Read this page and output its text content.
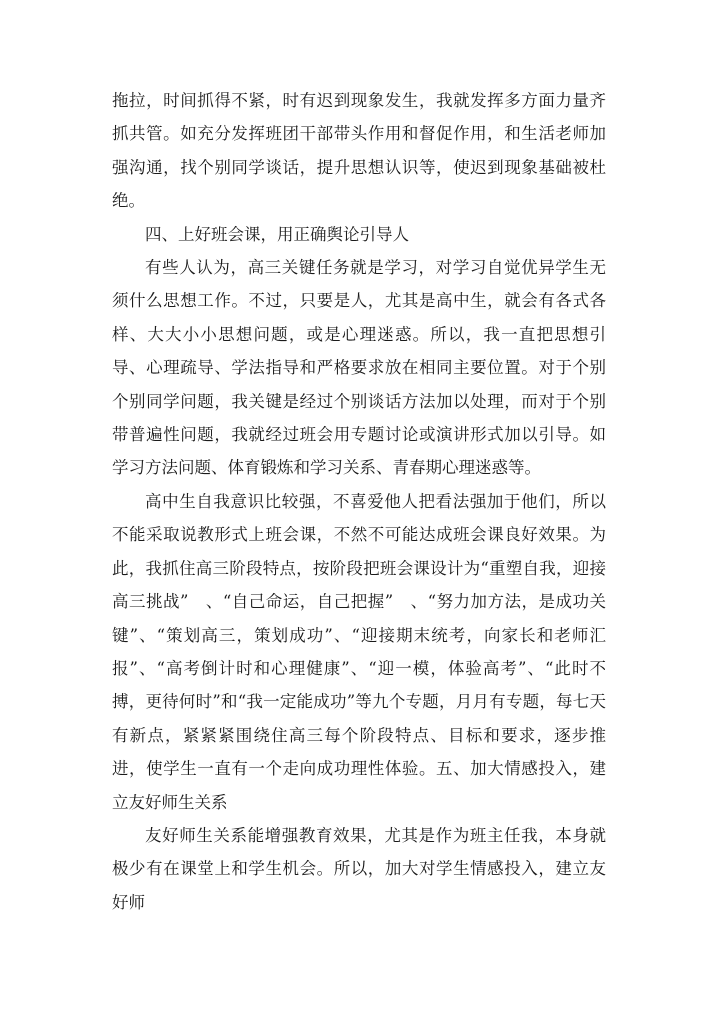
拖拉，时间抓得不紧，时有迟到现象发生，我就发挥多方面力量齐抓共管。如充分发挥班团干部带头作用和督促作用，和生活老师加强沟通，找个别同学谈话，提升思想认识等，使迟到现象基础被杜绝。

四、上好班会课，用正确舆论引导人

有些人认为，高三关键任务就是学习，对学习自觉优异学生无须什么思想工作。不过，只要是人，尤其是高中生，就会有各式各样、大大小小思想问题，或是心理迷惑。所以，我一直把思想引导、心理疏导、学法指导和严格要求放在相同主要位置。对于个别个别同学问题，我关键是经过个别谈话方法加以处理，而对于个别带普遍性问题，我就经过班会用专题讨论或演讲形式加以引导。如学习方法问题、体育锻炼和学习关系、青春期心理迷惑等。

高中生自我意识比较强，不喜爱他人把看法强加于他们，所以不能采取说教形式上班会课，不然不可能达成班会课良好效果。为此，我抓住高三阶段特点，按阶段把班会课设计为“重塑自我，迎接高三挑战”　、“自己命运，自己把握”　、“努力加方法，是成功关键”、“策划高三，策划成功”、“迎接期末统考，向家长和老师汇报”、“高考倒计时和心理健康”、“迎一模，体验高考”、“此时不搏，更待何时”和“我一定能成功”等九个专题，月月有专题，每七天有新点，紧紧紧围绕住高三每个阶段特点、目标和要求，逐步推进，使学生一直有一个走向成功理性体验。五、加大情感投入，建立友好师生关系

友好师生关系能增强教育效果，尤其是作为班主任我，本身就极少有在课堂上和学生机会。所以，加大对学生情感投入，建立友好师
